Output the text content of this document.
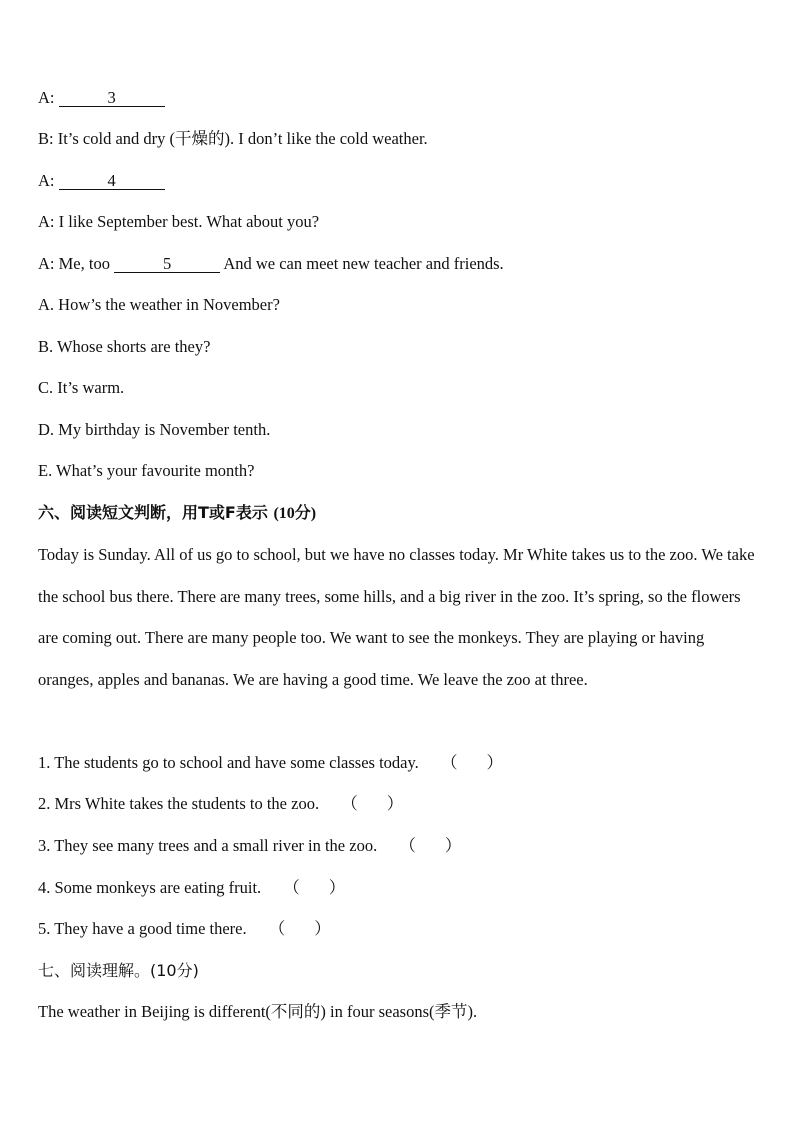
A:	3
B: It’s cold and dry (干燥的). I don’t like the cold weather.
A:	4
A: I like September best. What about you?
A: Me, too	5	And we can meet new teacher and friends.
A. How’s the weather in November?
B. Whose shorts are they?
C. It’s warm.
D. My birthday is November tenth.
E. What’s your favourite month?
六、阅读短文判断，用T或F表示 (10分)
Today is Sunday. All of us go to school, but we have no classes today. Mr White takes us to the zoo. We take the school bus there. There are many trees, some hills, and a big river in the zoo. It’s spring, so the flowers are coming out. There are many people too. We want to see the monkeys. They are playing or having oranges, apples and bananas. We are having a good time. We leave the zoo at three.
1. The students go to school and have some classes today. （ ）

2. Mrs White takes the students to the zoo. （ ）

3. They see many trees and a small river in the zoo. （ ）

4. Some monkeys are eating fruit. （ ）

5. They have a good time there. （ ）

七、阅读理解。(10分)
The weather in Beijing is different(不同的) in four seasons(季节).
